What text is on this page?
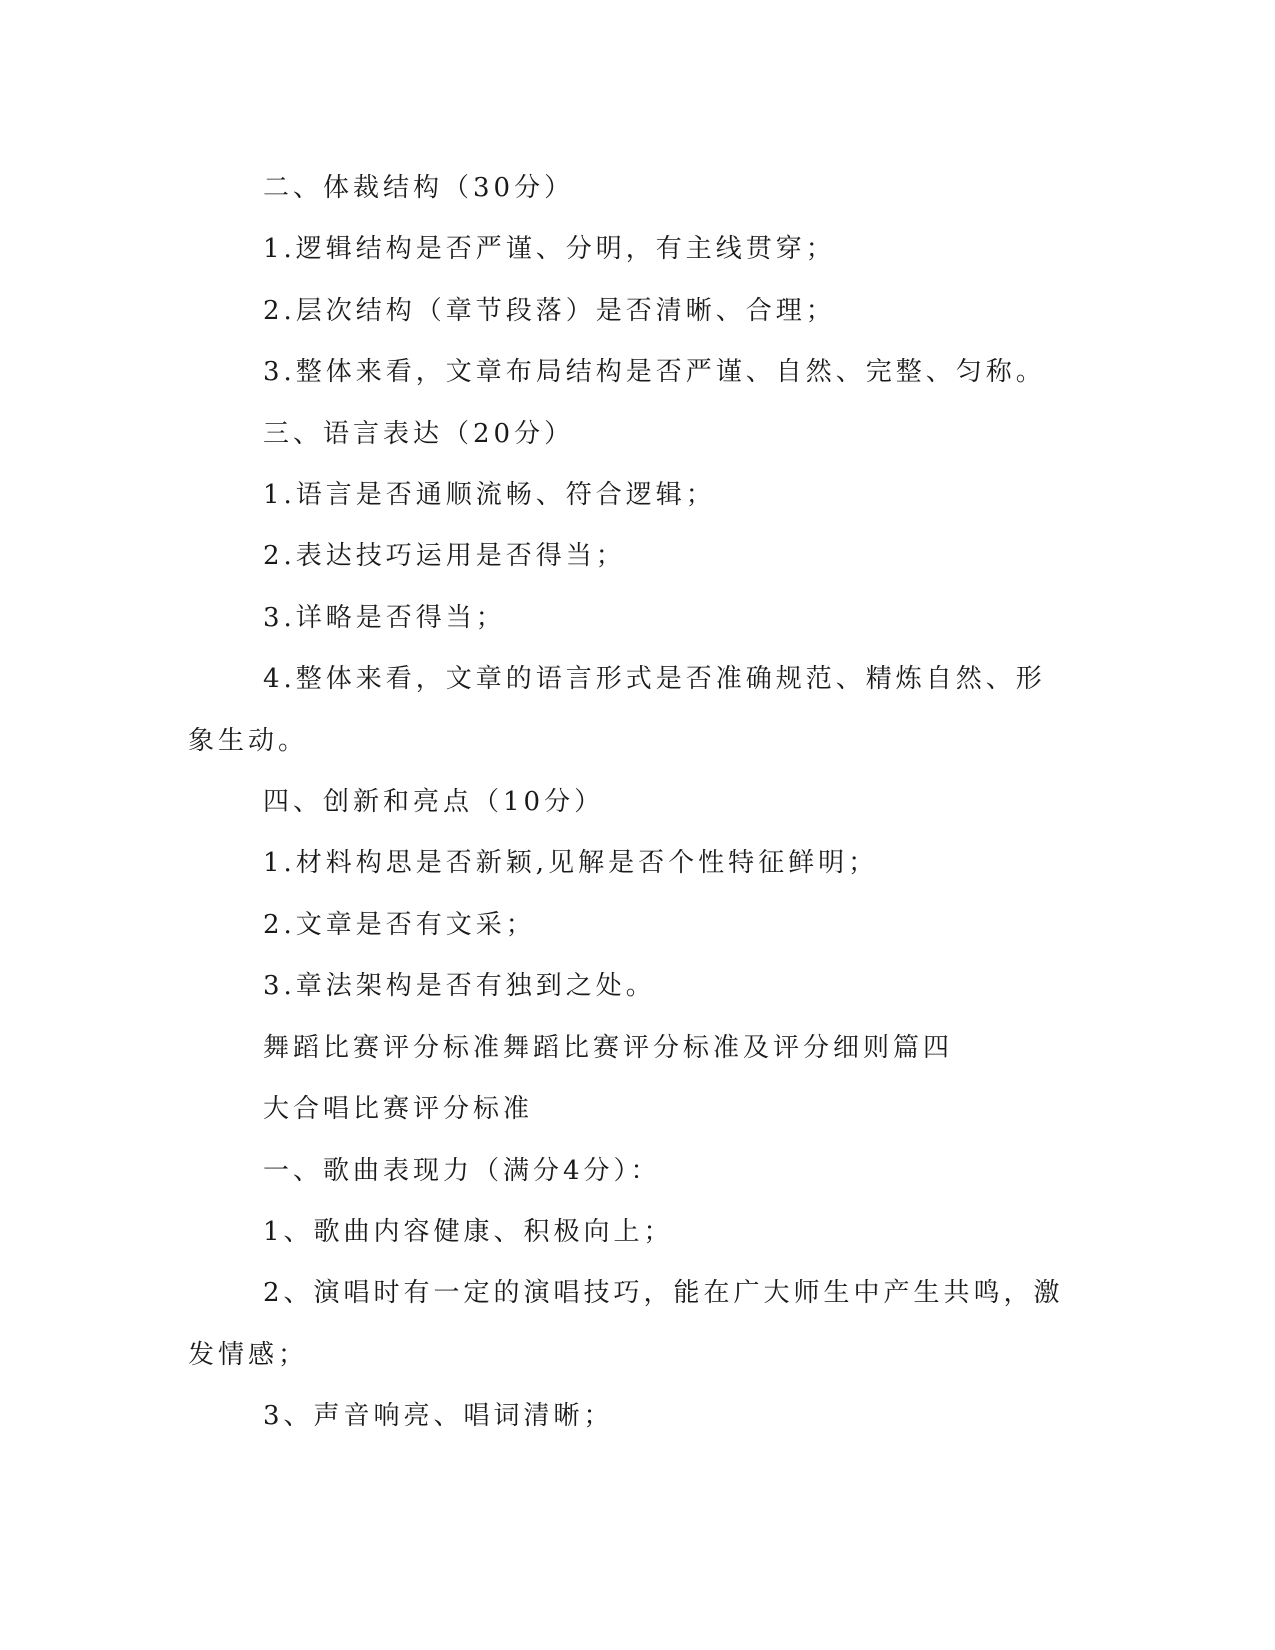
二、体裁结构（30分）

1.逻辑结构是否严谨、分明，有主线贯穿；

2.层次结构（章节段落）是否清晰、合理；

3.整体来看，文章布局结构是否严谨、自然、完整、匀称。

三、语言表达（20分）

1.语言是否通顺流畅、符合逻辑；

2.表达技巧运用是否得当；

3.详略是否得当；

4.整体来看，文章的语言形式是否准确规范、精炼自然、形象生动。

四、创新和亮点（10分）

1.材料构思是否新颖,见解是否个性特征鲜明；

2.文章是否有文采；

3.章法架构是否有独到之处。

舞蹈比赛评分标准舞蹈比赛评分标准及评分细则篇四

大合唱比赛评分标准

一、歌曲表现力（满分4分）：

1、歌曲内容健康、积极向上；

2、演唱时有一定的演唱技巧，能在广大师生中产生共鸣，激发情感；

3、声音响亮、唱词清晰；
